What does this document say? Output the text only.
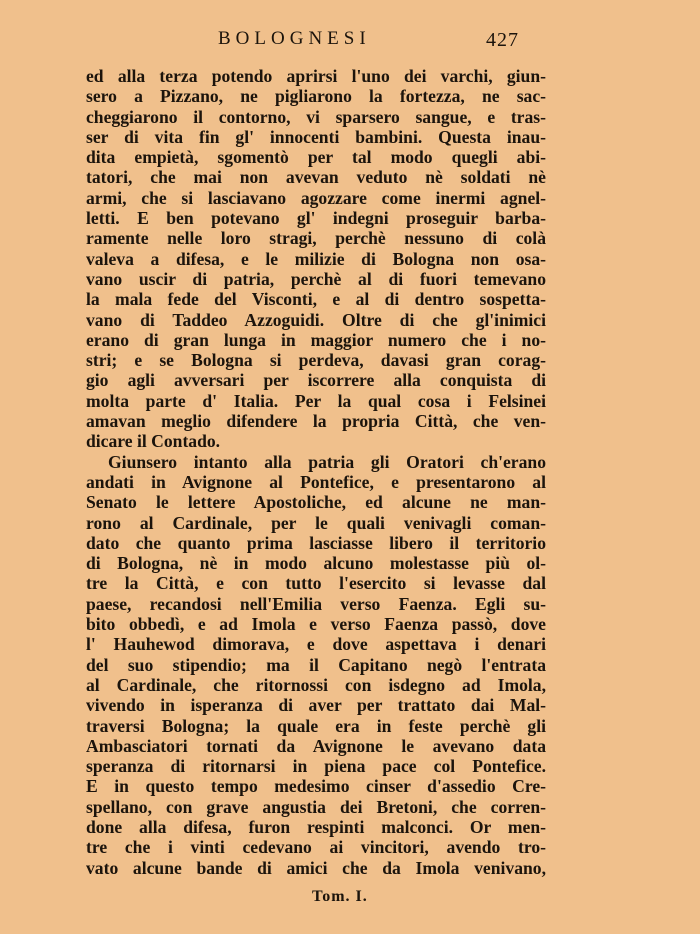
BOLOGNESI	427
ed alla terza potendo aprirsi l'uno dei varchi, giun-
sero a Pizzano, ne pigliarono la fortezza, ne sac-
cheggiarono il contorno, vi sparsero sangue, e tras-
ser di vita fin gl' innocenti bambini. Questa inau-
dita empietà, sgomentò per tal modo quegli abi-
tatori, che mai non avevan veduto nè soldati nè
armi, che si lasciavano agozzare come inermi agnel-
letti. E ben potevano gl' indegni proseguir barba-
ramente nelle loro stragi, perchè nessuno di colà
valeva a difesa, e le milizie di Bologna non osa-
vano uscir di patria, perchè al di fuori temevano
la mala fede del Visconti, e al di dentro sospetta-
vano di Taddeo Azzoguidi. Oltre di che gl'inimici
erano di gran lunga in maggior numero che i no-
stri; e se Bologna si perdeva, davasi gran corag-
gio agli avversari per iscorrere alla conquista di
molta parte d' Italia. Per la qual cosa i Felsinei
amavan meglio difendere la propria Città, che ven-
dicare il Contado.
Giunsero intanto alla patria gli Oratori ch'erano
andati in Avignone al Pontefice, e presentarono al
Senato le lettere Apostoliche, ed alcune ne man-
rono al Cardinale, per le quali venivagli coman-
dato che quanto prima lasciasse libero il territorio
di Bologna, nè in modo alcuno molestasse più ol-
tre la Città, e con tutto l'esercito si levasse dal
paese, recandosi nell'Emilia verso Faenza. Egli su-
bito obbedì, e ad Imola e verso Faenza passò, dove
l' Hauhewod dimorava, e dove aspettava i denari
del suo stipendio; ma il Capitano negò l'entrata
al Cardinale, che ritornossi con isdegno ad Imola,
vivendo in isperanza di aver per trattato dai Mal-
traversi Bologna; la quale era in feste perchè gli
Ambasciatori tornati da Avignone le avevano data
speranza di ritornarsi in piena pace col Pontefice.
E in questo tempo medesimo cinser d'assedio Cre-
spellano, con grave angustia dei Bretoni, che corren-
done alla difesa, furon respinti malconci. Or men-
tre che i vinti cedevano ai vincitori, avendo tro-
vato alcune bande di amici che da Imola venivano,
Tom. I.
